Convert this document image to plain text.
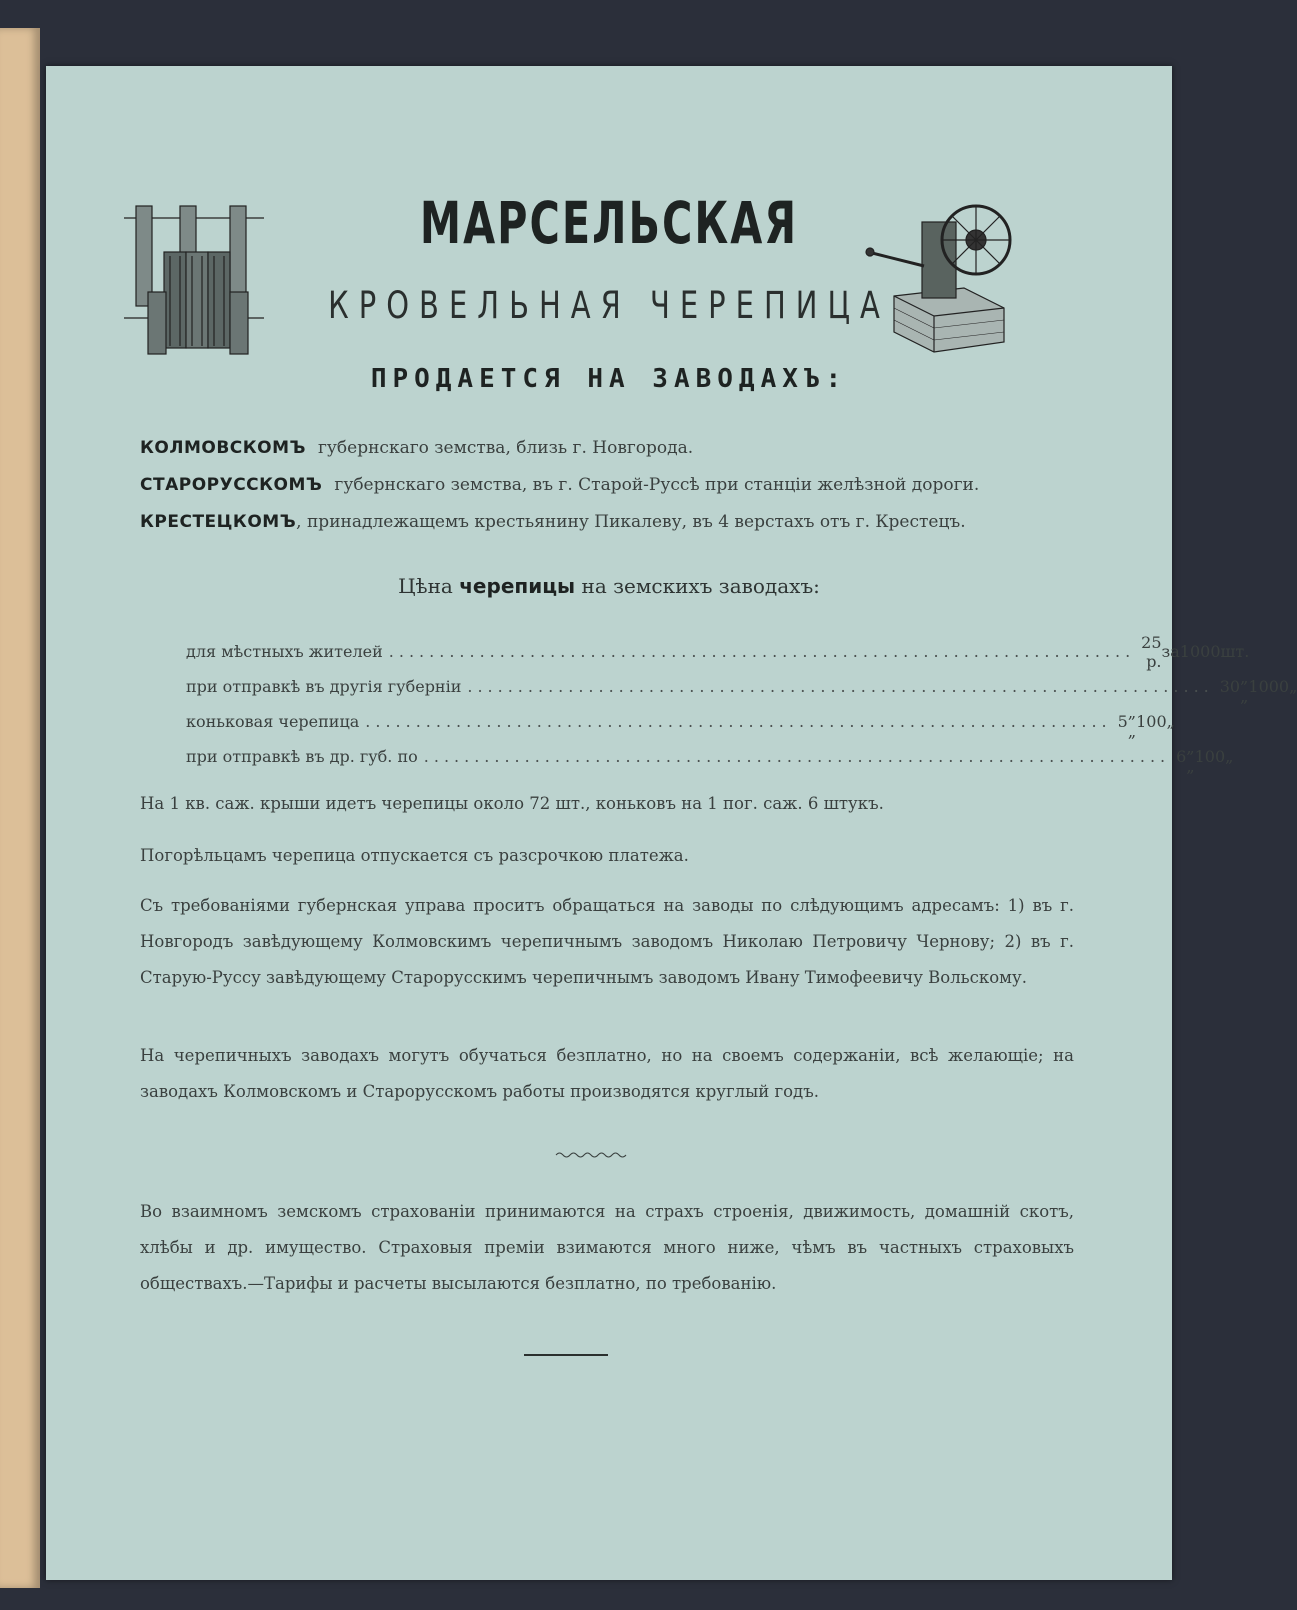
МАРСЕЛЬСКАЯ
КРОВЕЛЬНАЯ ЧЕРЕПИЦА
ПРОДАЕТСЯ НА ЗАВОДАХЪ:
КОЛМОВСКОМЪ губернскаго земства, близь г. Новгорода.
СТАРОРУССКОМЪ губернскаго земства, въ г. Старой-Руссѣ при станціи желѣзной дороги.
КРЕСТЕЦКОМЪ, принадлежащемъ крестьянину Пикалеву, въ 4 верстахъ отъ г. Крестецъ.
Цѣна черепицы на земскихъ заводахъ:
для мѣстныхъ жителей .......................................................................... 25 р. за 1000 шт.
при отправкѣ въ другія губерніи .......................................................................... 30 „ „ 1000 „
коньковая черепица .......................................................................... 5 „ „ 100 „
при отправкѣ въ др. губ. по .......................................................................... 6 „ „ 100 „
На 1 кв. саж. крыши идетъ черепицы около 72 шт., коньковъ на 1 пог. саж. 6 штукъ.
Погорѣльцамъ черепица отпускается съ разсрочкою платежа.
Съ требованіями губернская управа проситъ обращаться на заводы по слѣдующимъ адресамъ: 1) въ г. Новгородъ завѣдующему Колмовскимъ черепичнымъ заводомъ Николаю Петровичу Чернову; 2) въ г. Старую-Руссу завѣдующему Старорусскимъ черепичнымъ заводомъ Ивану Тимофеевичу Вольскому.
На черепичныхъ заводахъ могутъ обучаться безплатно, но на своемъ содержаніи, всѣ желающіе; на заводахъ Колмовскомъ и Старорусскомъ работы производятся круглый годъ.
Во взаимномъ земскомъ страхованіи принимаются на страхъ строенія, движимость, домашній скотъ, хлѣбы и др. имущество. Страховыя преміи взимаются много ниже, чѣмъ въ частныхъ страховыхъ обществахъ.—Тарифы и расчеты высылаются безплатно, по требованію.
